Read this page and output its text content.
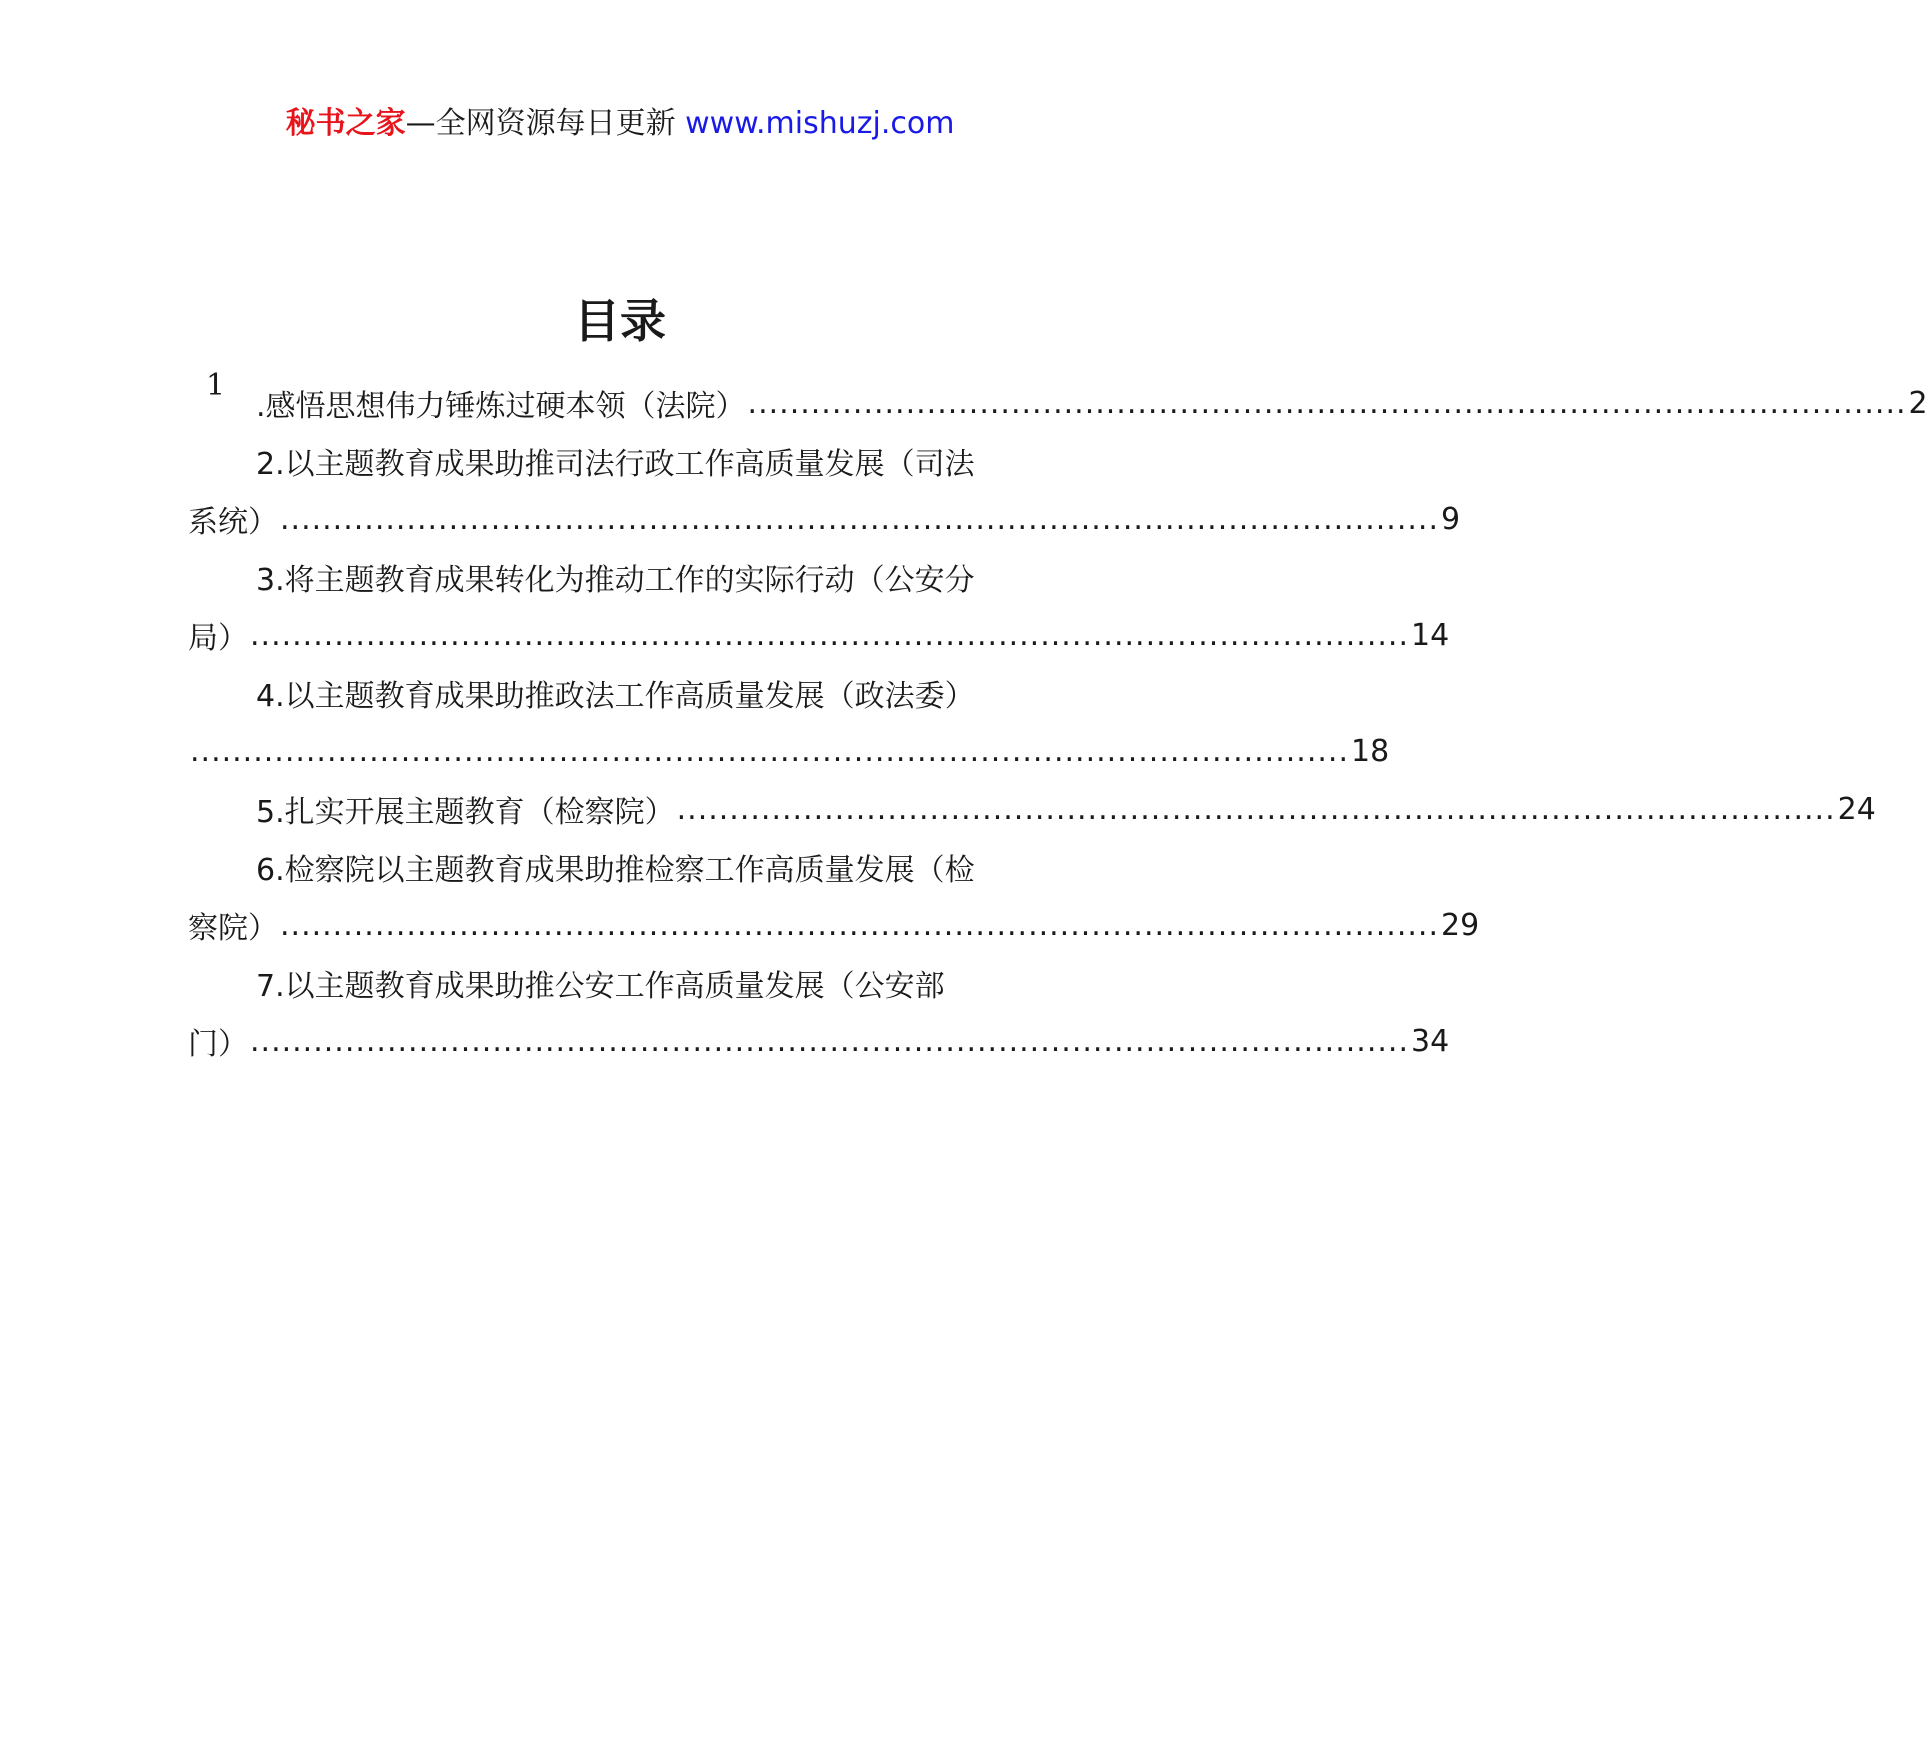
秘书之家—全网资源每日更新 www.mishuzj.com
目录
1
.感悟思想伟力锤炼过硬本领（法院） .............................................................................................................. 2
2.以主题教育成果助推司法行政工作高质量发展（司法
系统） .............................................................................................................. 9
3.将主题教育成果转化为推动工作的实际行动（公安分
局） .............................................................................................................. 14
4.以主题教育成果助推政法工作高质量发展（政法委）
.............................................................................................................. 18
5.扎实开展主题教育（检察院） .............................................................................................................. 24
6.检察院以主题教育成果助推检察工作高质量发展（检
察院） .............................................................................................................. 29
7.以主题教育成果助推公安工作高质量发展（公安部
门） .............................................................................................................. 34
